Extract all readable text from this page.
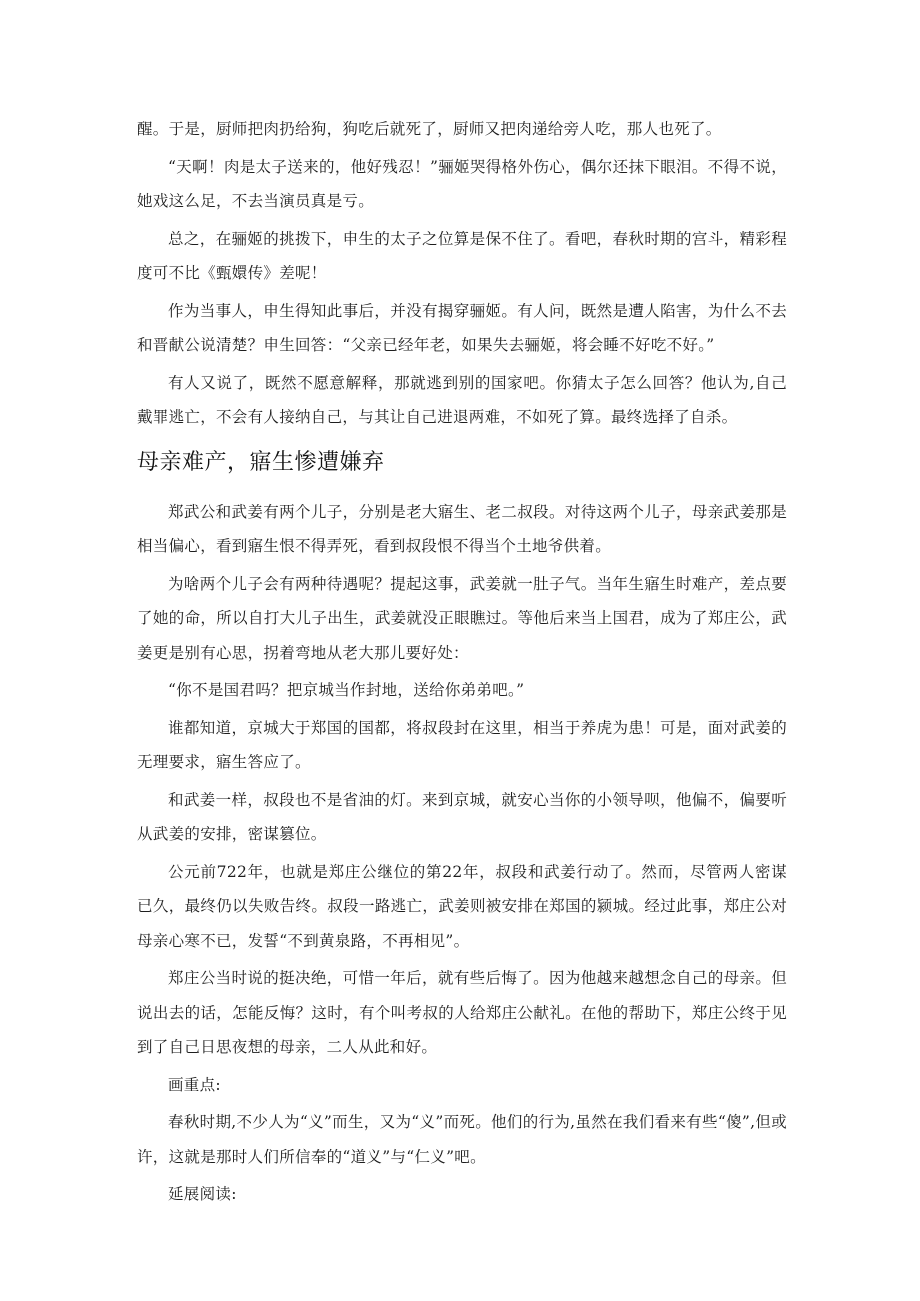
醒。于是，厨师把肉扔给狗，狗吃后就死了，厨师又把肉递给旁人吃，那人也死了。

“天啊！肉是太子送来的，他好残忍！”骊姬哭得格外伤心，偶尔还抹下眼泪。不得不说，她戏这么足，不去当演员真是亏。

总之，在骊姬的挑拨下，申生的太子之位算是保不住了。看吧，春秋时期的宫斗，精彩程度可不比《甄嬛传》差呢！

作为当事人，申生得知此事后，并没有揭穿骊姬。有人问，既然是遭人陷害，为什么不去和晋献公说清楚？申生回答：“父亲已经年老，如果失去骊姬，将会睡不好吃不好。”

有人又说了，既然不愿意解释，那就逃到别的国家吧。你猜太子怎么回答？他认为,自己戴罪逃亡，不会有人接纳自己，与其让自己进退两难，不如死了算。最终选择了自杀。

母亲难产，寤生惨遭嫌弃

郑武公和武姜有两个儿子，分别是老大寤生、老二叔段。对待这两个儿子，母亲武姜那是相当偏心，看到寤生恨不得弄死，看到叔段恨不得当个土地爷供着。

为啥两个儿子会有两种待遇呢？提起这事，武姜就一肚子气。当年生寤生时难产，差点要了她的命，所以自打大儿子出生，武姜就没正眼瞧过。等他后来当上国君，成为了郑庄公，武姜更是别有心思，拐着弯地从老大那儿要好处：

“你不是国君吗？把京城当作封地，送给你弟弟吧。”

谁都知道，京城大于郑国的国都，将叔段封在这里，相当于养虎为患！可是，面对武姜的无理要求，寤生答应了。

和武姜一样，叔段也不是省油的灯。来到京城，就安心当你的小领导呗，他偏不，偏要听从武姜的安排，密谋篡位。

公元前722年，也就是郑庄公继位的第22年，叔段和武姜行动了。然而，尽管两人密谋已久，最终仍以失败告终。叔段一路逃亡，武姜则被安排在郑国的颍城。经过此事，郑庄公对母亲心寒不已，发誓“不到黄泉路，不再相见”。

郑庄公当时说的挺决绝，可惜一年后，就有些后悔了。因为他越来越想念自己的母亲。但说出去的话，怎能反悔？这时，有个叫考叔的人给郑庄公献礼。在他的帮助下，郑庄公终于见到了自己日思夜想的母亲，二人从此和好。

画重点:

春秋时期,不少人为“义”而生，又为“义”而死。他们的行为,虽然在我们看来有些“傻”,但或许，这就是那时人们所信奉的“道义”与“仁义”吧。

延展阅读:
